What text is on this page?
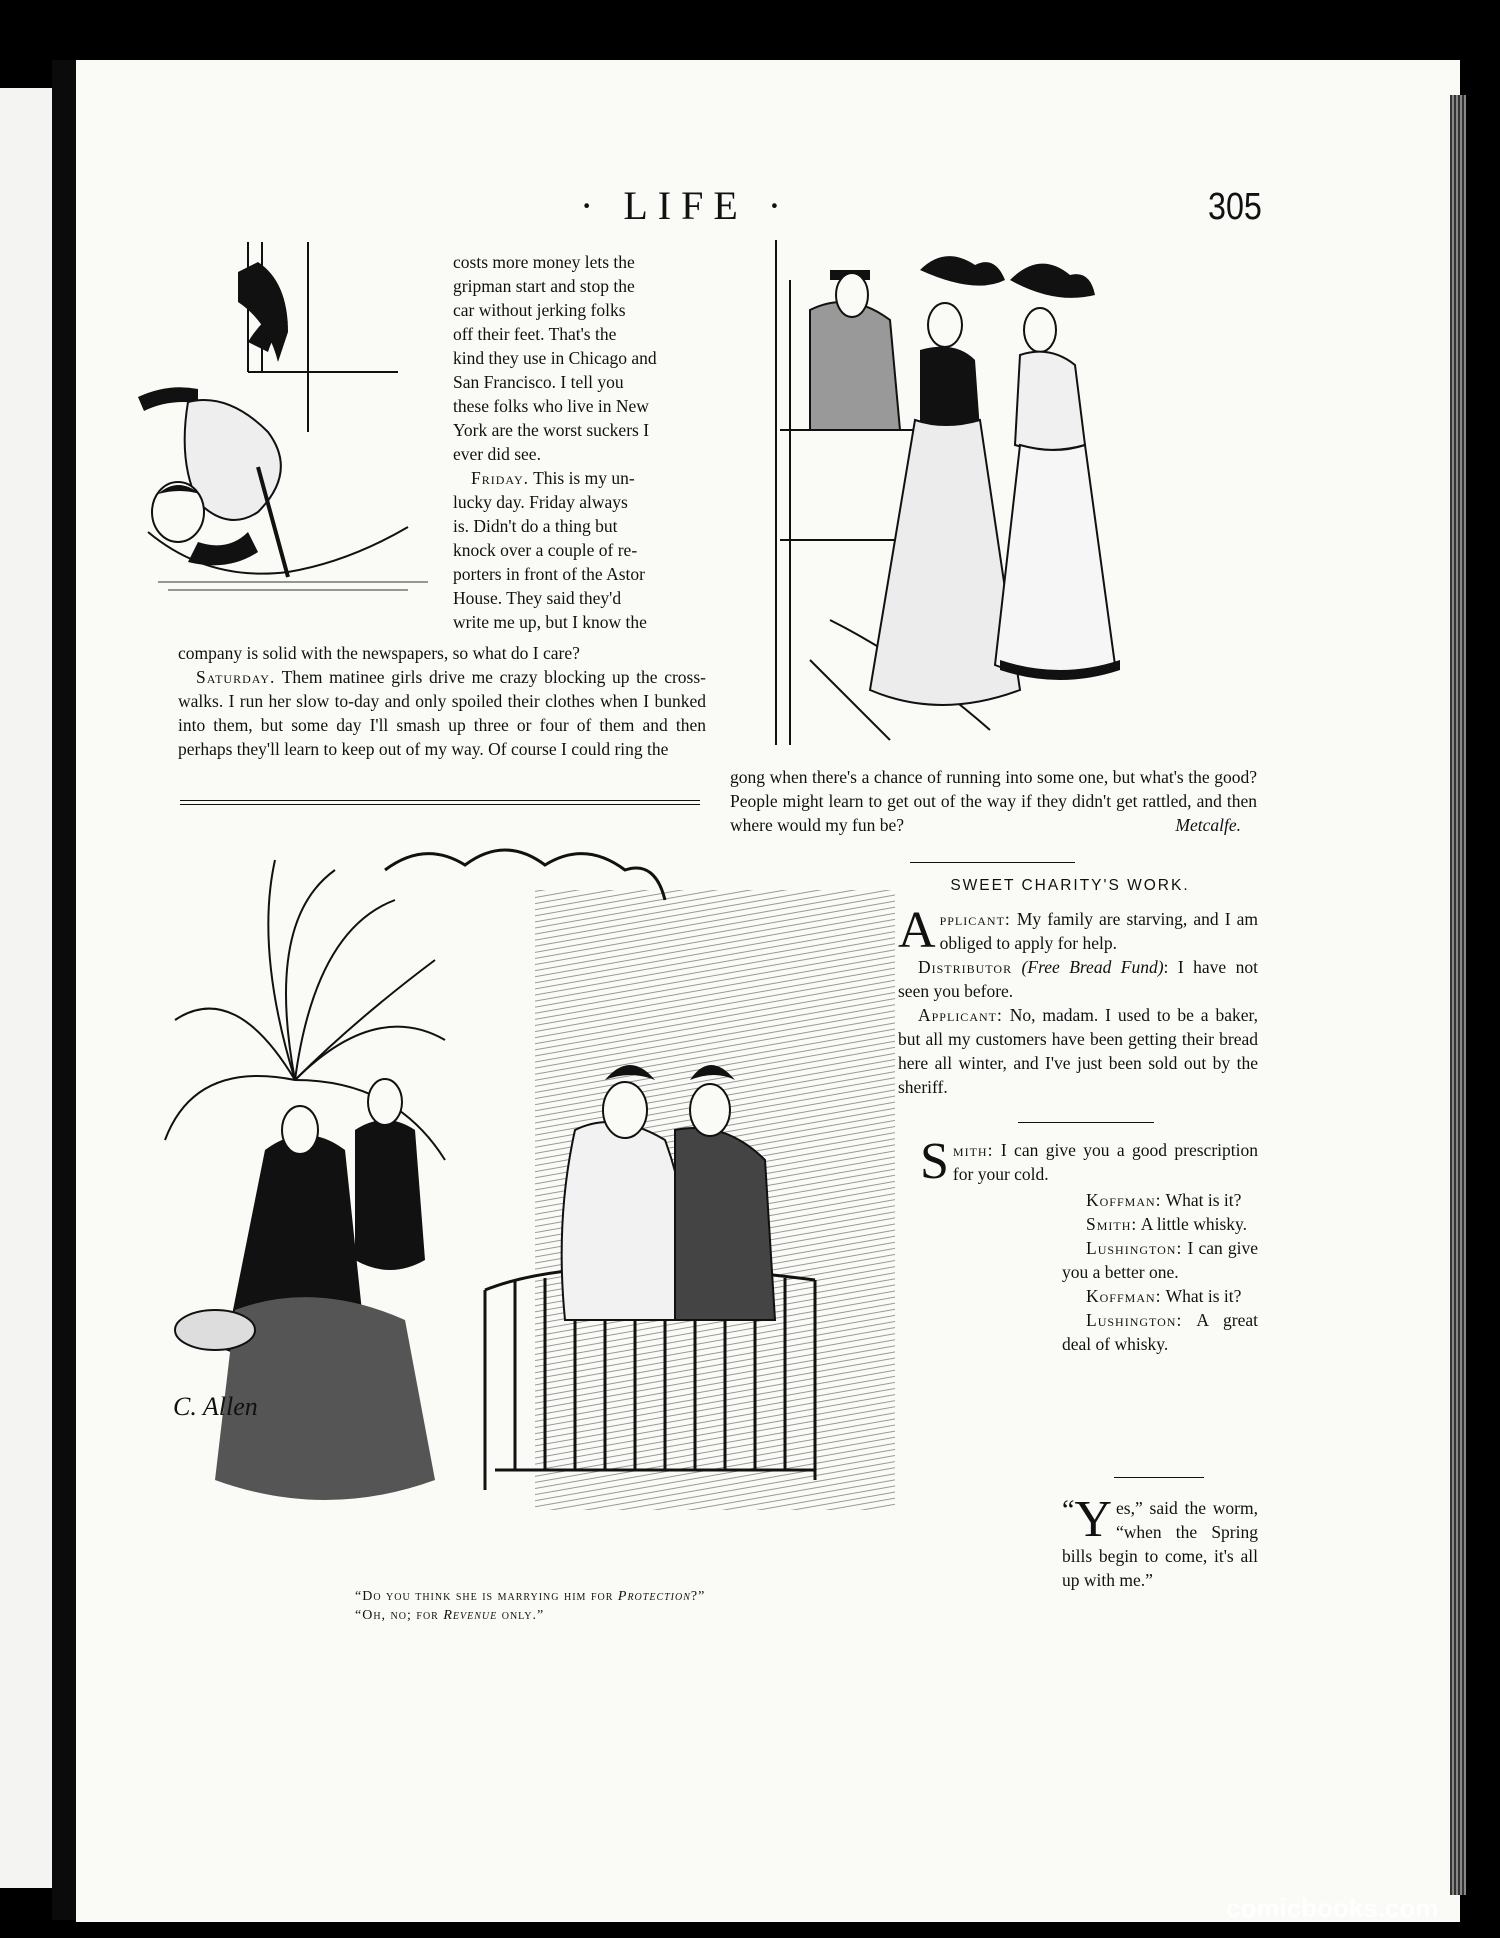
· LIFE ·	305
costs more money lets the
gripman start and stop the
car without jerking folks
off their feet. That's the
kind they use in Chicago and
San Francisco. I tell you
these folks who live in New
York are the worst suckers I
ever did see.
Friday. This is my un-
lucky day. Friday always
is. Didn't do a thing but
knock over a couple of re-
porters in front of the Astor
House. They said they'd
write me up, but I know the
company is solid with the newspapers, so what do I care?

Saturday. Them matinee girls drive me crazy blocking up the cross-walks. I run her slow to-day and only spoiled their clothes when I bunked into them, but some day I'll smash up three or four of them and then perhaps they'll learn to keep out of my way. Of course I could ring the

gong when there's a chance of running into some one, but what's the good? People might learn to get out of the way if they didn't get rattled, and then where would my fun be?	Metcalfe.

SWEET CHARITY'S WORK.

A pplicant: My family are starving, and I am obliged to apply for help.

Distributor (Free Bread Fund): I have not seen you before.

Applicant: No, madam. I used to be a baker, but all my customers have been getting their bread here all winter, and I've just been sold out by the sheriff.

S mith: I can give you a good prescription for your cold.

Koffman: What is it?

Smith: A little whisky.

Lushington: I can give you a better one.

Koffman: What is it?

Lushington: A great deal of whisky.

“ Y es,” said the worm, “when the Spring bills begin to come, it's all up with me.”

C. Allen
“Do you think she is marrying him for Protection?”
“Oh, no; for Revenue only.”
comicbooks.com
